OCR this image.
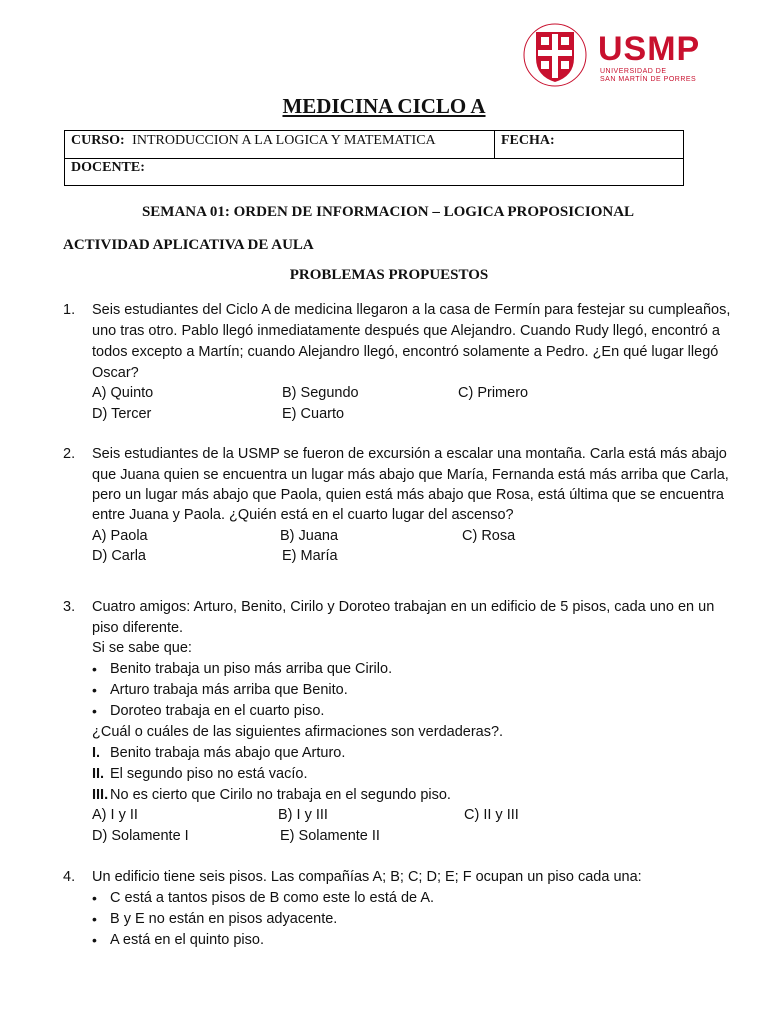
USMP
UNIVERSIDAD DE
SAN MARTÍN DE PORRES
MEDICINA CICLO A
CURSO: INTRODUCCION A LA LOGICA Y MATEMATICA	FECHA:
DOCENTE:
SEMANA 01: ORDEN DE INFORMACION – LOGICA PROPOSICIONAL
ACTIVIDAD APLICATIVA DE AULA
PROBLEMAS PROPUESTOS
1. Seis estudiantes del Ciclo A de medicina llegaron a la casa de Fermín para festejar su cumpleaños,
uno tras otro. Pablo llegó inmediatamente después que Alejandro. Cuando Rudy llegó, encontró a
todos excepto a Martín; cuando Alejandro llegó, encontró solamente a Pedro. ¿En qué lugar llegó
Oscar?
A) Quinto	B) Segundo	C) Primero
D) Tercer	E) Cuarto
2. Seis estudiantes de la USMP se fueron de excursión a escalar una montaña. Carla está más abajo
que Juana quien se encuentra un lugar más abajo que María, Fernanda está más arriba que Carla,
pero un lugar más abajo que Paola, quien está más abajo que Rosa, está última que se encuentra
entre Juana y Paola. ¿Quién está en el cuarto lugar del ascenso?
A) Paola	B) Juana	C) Rosa
D) Carla	E) María
3. Cuatro amigos: Arturo, Benito, Cirilo y Doroteo trabajan en un edificio de 5 pisos, cada uno en un
piso diferente.
Si se sabe que:
• Benito trabaja un piso más arriba que Cirilo.
• Arturo trabaja más arriba que Benito.
• Doroteo trabaja en el cuarto piso.
¿Cuál o cuáles de las siguientes afirmaciones son verdaderas?.
I. Benito trabaja más abajo que Arturo.
II. El segundo piso no está vacío.
III. No es cierto que Cirilo no trabaja en el segundo piso.
A) I y II	B) I y III	C) II y III
D) Solamente I	E) Solamente II
4. Un edificio tiene seis pisos. Las compañías A; B; C; D; E; F ocupan un piso cada una:
• C está a tantos pisos de B como este lo está de A.
• B y E no están en pisos adyacente.
• A está en el quinto piso.
